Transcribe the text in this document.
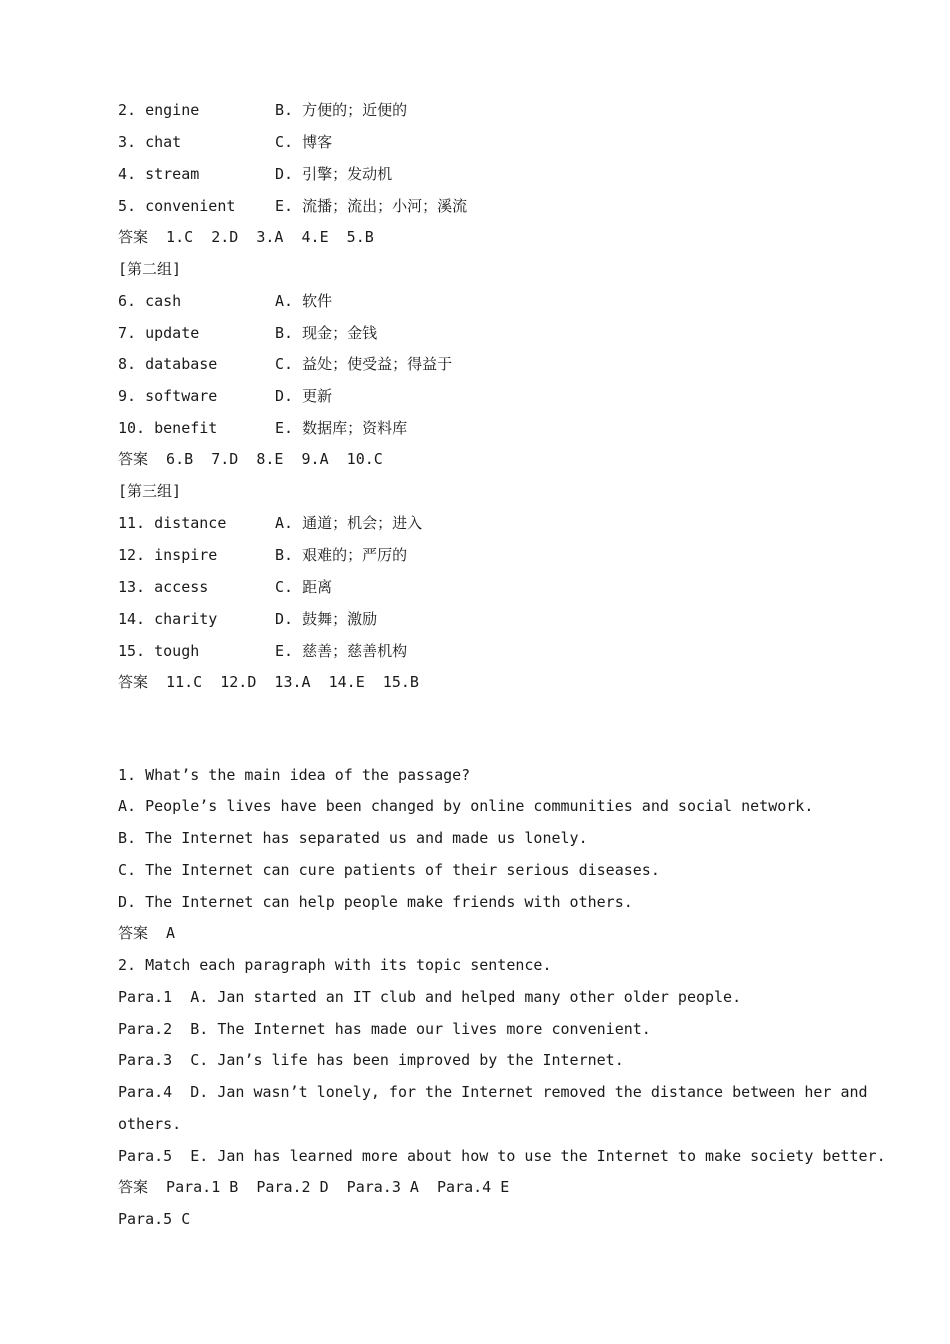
2. engine	B. 方便的；近便的
3. chat	C. 博客
4. stream	D. 引擎；发动机
5. convenient	E. 流播；流出；小河；溪流
答案  1.C  2.D  3.A  4.E  5.B
[第二组]
6. cash	A. 软件
7. update	B. 现金；金钱
8. database	C. 益处；使受益；得益于
9. software	D. 更新
10. benefit	E. 数据库；资料库
答案  6.B  7.D  8.E  9.A  10.C
[第三组]
11. distance	A. 通道；机会；进入
12. inspire	B. 艰难的；严厉的
13. access	C. 距离
14. charity	D. 鼓舞；激励
15. tough	E. 慈善；慈善机构
答案  11.C  12.D  13.A  14.E  15.B
1. What’s the main idea of the passage?
A. People’s lives have been changed by online communities and social network.
B. The Internet has separated us and made us lonely.
C. The Internet can cure patients of their serious diseases.
D. The Internet can help people make friends with others.
答案  A
2. Match each paragraph with its topic sentence.
Para.1  A. Jan started an IT club and helped many other older people.
Para.2  B. The Internet has made our lives more convenient.
Para.3  C. Jan’s life has been improved by the Internet.
Para.4  D. Jan wasn’t lonely, for the Internet removed the distance between her and
others.
Para.5  E. Jan has learned more about how to use the Internet to make society better.
答案  Para.1 B  Para.2 D  Para.3 A  Para.4 E
Para.5 C
